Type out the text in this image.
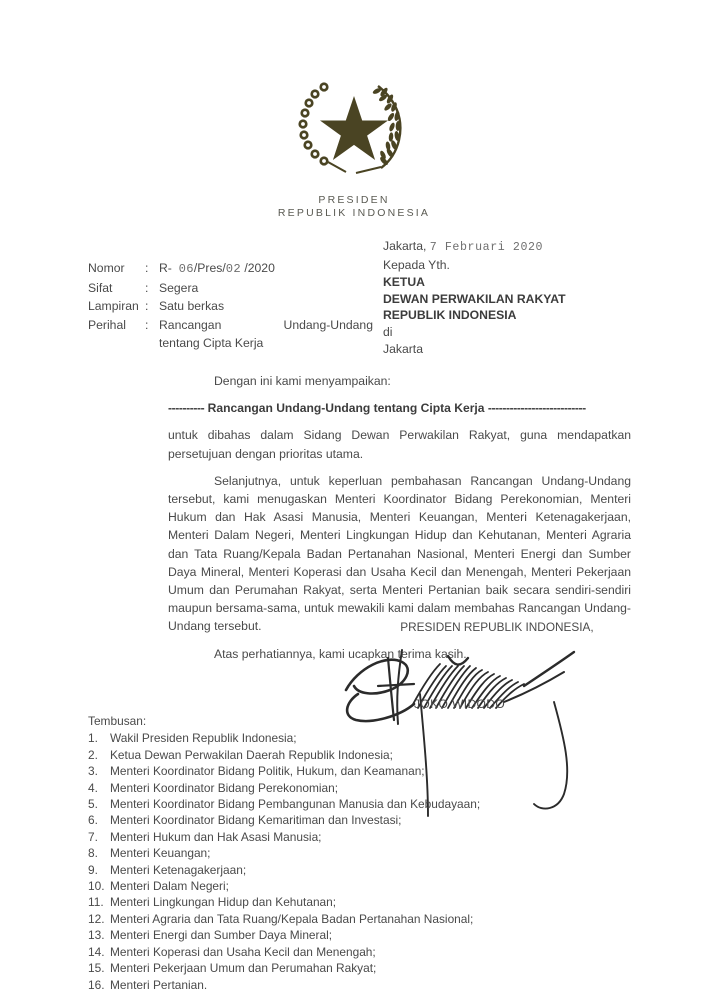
PRESIDEN
REPUBLIK INDONESIA
Nomor	: R- 06/Pres/02 /2020
Sifat	: Segera
Lampiran : Satu berkas
Perihal	: Rancangan	Undang-Undang
tentang Cipta Kerja
Jakarta, 7 Februari 2020
Kepada Yth.
KETUA
DEWAN PERWAKILAN RAKYAT
REPUBLIK INDONESIA
di
Jakarta

Dengan ini kami menyampaikan:

---------- Rancangan Undang-Undang tentang Cipta Kerja ---------------------------

untuk dibahas dalam Sidang Dewan Perwakilan Rakyat, guna mendapatkan persetujuan dengan prioritas utama.

Selanjutnya, untuk keperluan pembahasan Rancangan Undang-Undang tersebut, kami menugaskan Menteri Koordinator Bidang Perekonomian, Menteri Hukum dan Hak Asasi Manusia, Menteri Keuangan, Menteri Ketenagakerjaan, Menteri Dalam Negeri, Menteri Lingkungan Hidup dan Kehutanan, Menteri Agraria dan Tata Ruang/Kepala Badan Pertanahan Nasional, Menteri Energi dan Sumber Daya Mineral, Menteri Koperasi dan Usaha Kecil dan Menengah, Menteri Pekerjaan Umum dan Perumahan Rakyat, serta Menteri Pertanian baik secara sendiri-sendiri maupun bersama-sama, untuk mewakili kami dalam membahas Rancangan Undang-Undang tersebut.

Atas perhatiannya, kami ucapkan terima kasih.

PRESIDEN REPUBLIK INDONESIA,
JOKO WIDODO
Tembusan:
1.	Wakil Presiden Republik Indonesia;
2.	Ketua Dewan Perwakilan Daerah Republik Indonesia;
3.	Menteri Koordinator Bidang Politik, Hukum, dan Keamanan;
4.	Menteri Koordinator Bidang Perekonomian;
5.	Menteri Koordinator Bidang Pembangunan Manusia dan Kebudayaan;
6.	Menteri Koordinator Bidang Kemaritiman dan Investasi;
7.	Menteri Hukum dan Hak Asasi Manusia;
8.	Menteri Keuangan;
9.	Menteri Ketenagakerjaan;
10. Menteri Dalam Negeri;
11. Menteri Lingkungan Hidup dan Kehutanan;
12. Menteri Agraria dan Tata Ruang/Kepala Badan Pertanahan Nasional;
13. Menteri Energi dan Sumber Daya Mineral;
14. Menteri Koperasi dan Usaha Kecil dan Menengah;
15. Menteri Pekerjaan Umum dan Perumahan Rakyat;
16. Menteri Pertanian.
